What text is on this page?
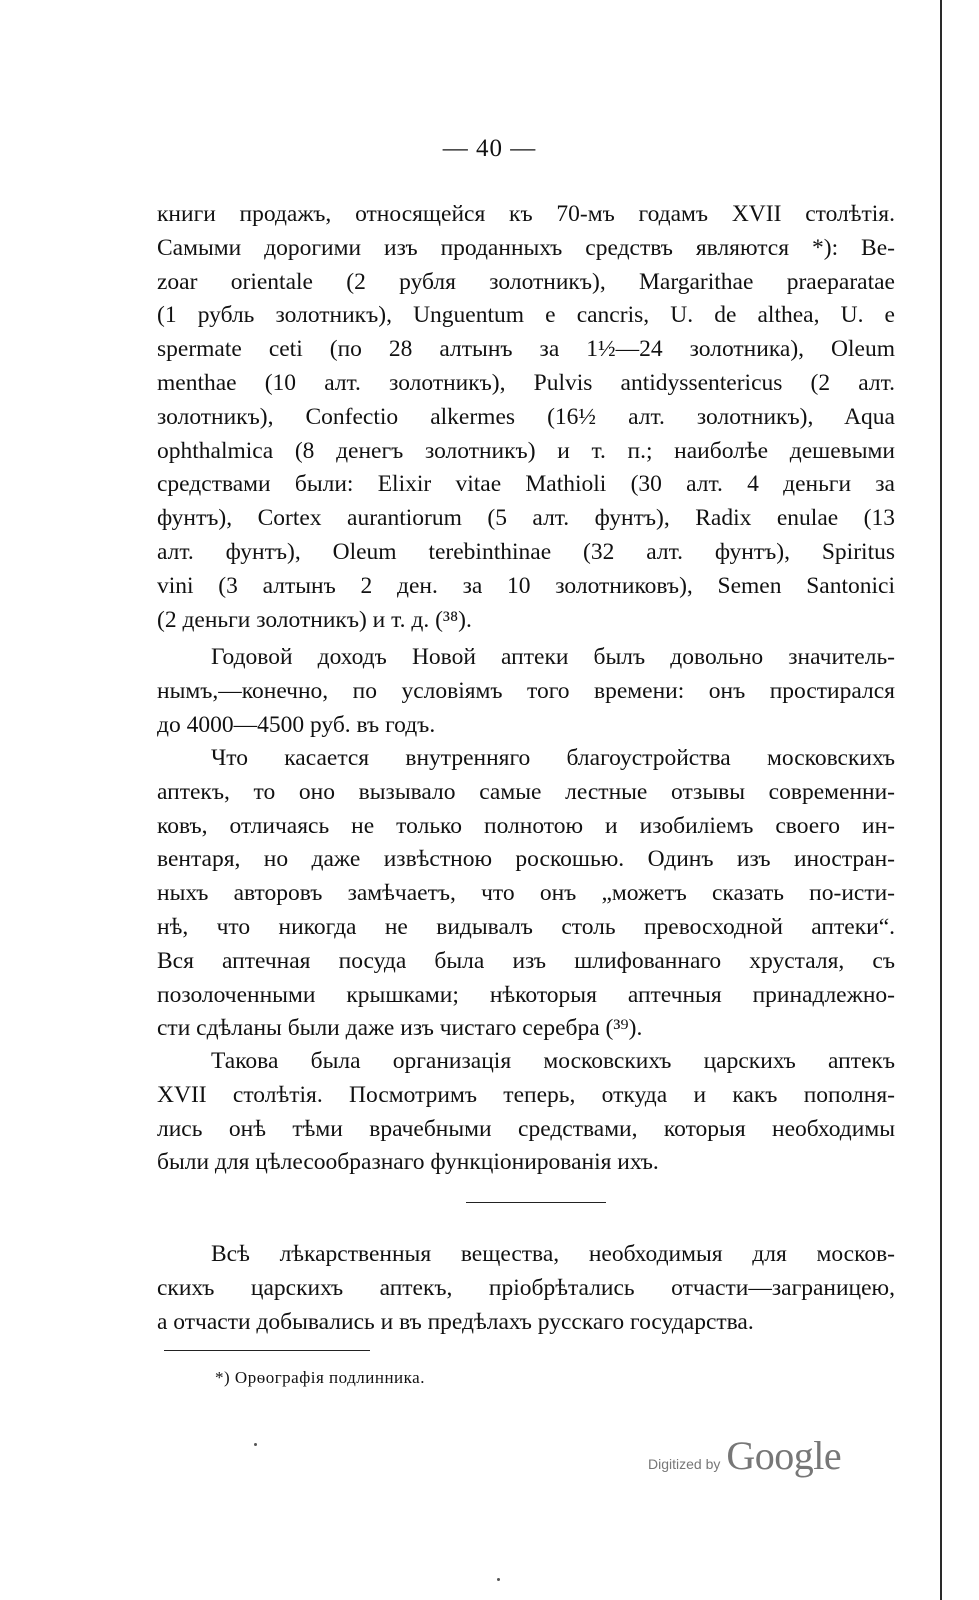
— 40 —
книги продажъ, относящейся къ 70-мъ годамъ XVII столѣтія.
Самыми дорогими изъ проданныхъ средствъ являются *): Be-
zoar orientale (2 рубля золотникъ), Margarithae praeparatae
(1 рубль золотникъ), Unguentum e cancris, U. de althea, U. e
spermate ceti (по 28 алтынъ за 1½—24 золотника), Oleum
menthae (10 алт. золотникъ), Pulvis antidyssentericus (2 алт.
золотникъ), Confectio alkermes (16½ алт. золотникъ), Aqua
ophthalmica (8 денегъ золотникъ) и т. п.; наиболѣе дешевыми
средствами были: Elixir vitae Mathioli (30 алт. 4 деньги за
фунтъ), Cortex aurantiorum (5 алт. фунтъ), Radix enulae (13
алт. фунтъ), Oleum terebinthinae (32 алт. фунтъ), Spiritus
vini (3 алтынъ 2 ден. за 10 золотниковъ), Semen Santonici
(2 деньги золотникъ) и т. д. (³⁸).
Годовой доходъ Новой аптеки былъ довольно значитель-
нымъ,—конечно, по условіямъ того времени: онъ простирался
до 4000—4500 руб. въ годъ.
Что касается внутренняго благоустройства московскихъ
аптекъ, то оно вызывало самые лестные отзывы современни-
ковъ, отличаясь не только полнотою и изобиліемъ своего ин-
вентаря, но даже извѣстною роскошью. Одинъ изъ иностран-
ныхъ авторовъ замѣчаетъ, что онъ „можетъ сказать по-исти-
нѣ, что никогда не видывалъ столь превосходной аптеки“.
Вся аптечная посуда была изъ шлифованнаго хрусталя, съ
позолоченными крышками; нѣкоторыя аптечныя принадлежно-
сти сдѣланы были даже изъ чистаго серебра (³⁹).
Такова была организація московскихъ царскихъ аптекъ
XVII столѣтія. Посмотримъ теперь, откуда и какъ пополня-
лись онѣ тѣми врачебными средствами, которыя необходимы
были для цѣлесообразнаго функціонированія ихъ.
Всѣ лѣкарственныя вещества, необходимыя для москов-
скихъ царскихъ аптекъ, пріобрѣтались отчасти—заграницею,
а отчасти добывались и въ предѣлахъ русскаго государства.
*) Орѳографія подлинника.
Digitized by Google
